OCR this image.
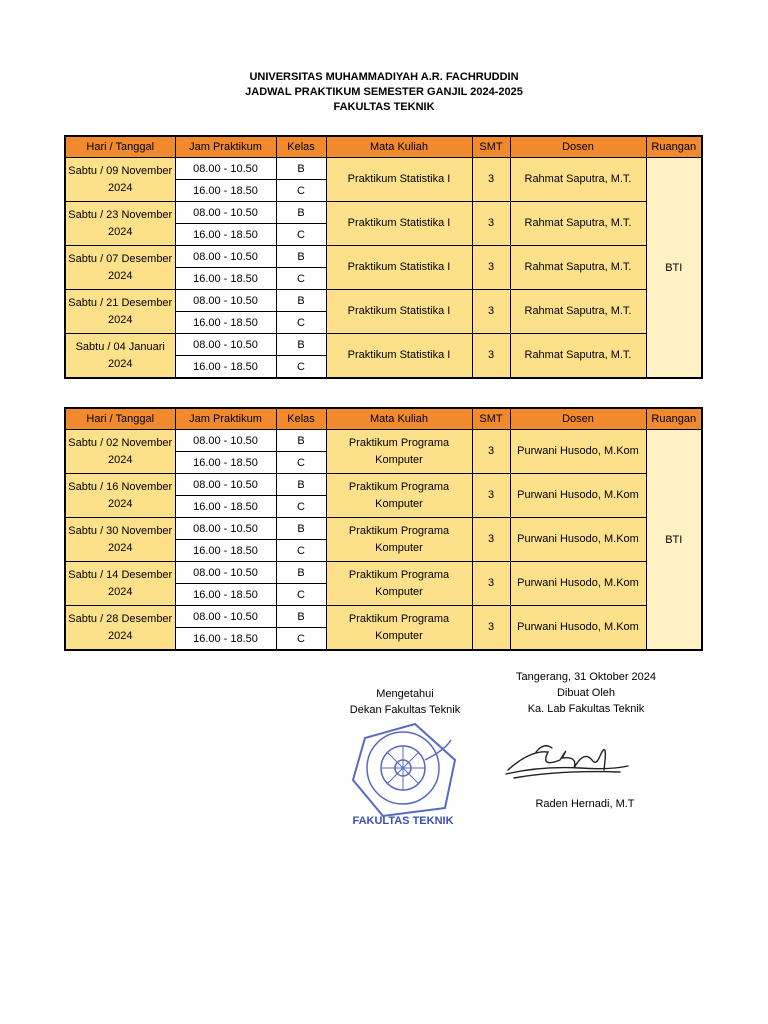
UNIVERSITAS MUHAMMADIYAH A.R. FACHRUDDIN
JADWAL PRAKTIKUM SEMESTER GANJIL 2024-2025
FAKULTAS TEKNIK
Hari / Tanggal	Jam Praktikum	Kelas	Mata Kuliah	SMT	Dosen	Ruangan
Sabtu / 09 November 2024	08.00 - 10.50	B	Praktikum Statistika I	3	Rahmat Saputra, M.T.	BTI
	16.00 - 18.50	C				
Sabtu / 23 November 2024	08.00 - 10.50	B	Praktikum Statistika I	3	Rahmat Saputra, M.T.	
	16.00 - 18.50	C				
Sabtu / 07 Desember 2024	08.00 - 10.50	B	Praktikum Statistika I	3	Rahmat Saputra, M.T.	
	16.00 - 18.50	C				
Sabtu / 21 Desember 2024	08.00 - 10.50	B	Praktikum Statistika I	3	Rahmat Saputra, M.T.	
	16.00 - 18.50	C				
Sabtu / 04 Januari 2024	08.00 - 10.50	B	Praktikum Statistika I	3	Rahmat Saputra, M.T.	
	16.00 - 18.50	C				
Hari / Tanggal	Jam Praktikum	Kelas	Mata Kuliah	SMT	Dosen	Ruangan
Sabtu / 02 November 2024	08.00 - 10.50	B	Praktikum Programa Komputer	3	Purwani Husodo, M.Kom	BTI
	16.00 - 18.50	C				
Sabtu / 16 November 2024	08.00 - 10.50	B	Praktikum Programa Komputer	3	Purwani Husodo, M.Kom	
	16.00 - 18.50	C				
Sabtu / 30 November 2024	08.00 - 10.50	B	Praktikum Programa Komputer	3	Purwani Husodo, M.Kom	
	16.00 - 18.50	C				
Sabtu / 14 Desember 2024	08.00 - 10.50	B	Praktikum Programa Komputer	3	Purwani Husodo, M.Kom	
	16.00 - 18.50	C				
Sabtu / 28 Desember 2024	08.00 - 10.50	B	Praktikum Programa Komputer	3	Purwani Husodo, M.Kom	
	16.00 - 18.50	C				
Mengetahui
Dekan Fakultas Teknik
Tangerang, 31 Oktober 2024
Dibuat Oleh
Ka. Lab Fakultas Teknik
Raden Hernadi, M.T
FAKULTAS TEKNIK
